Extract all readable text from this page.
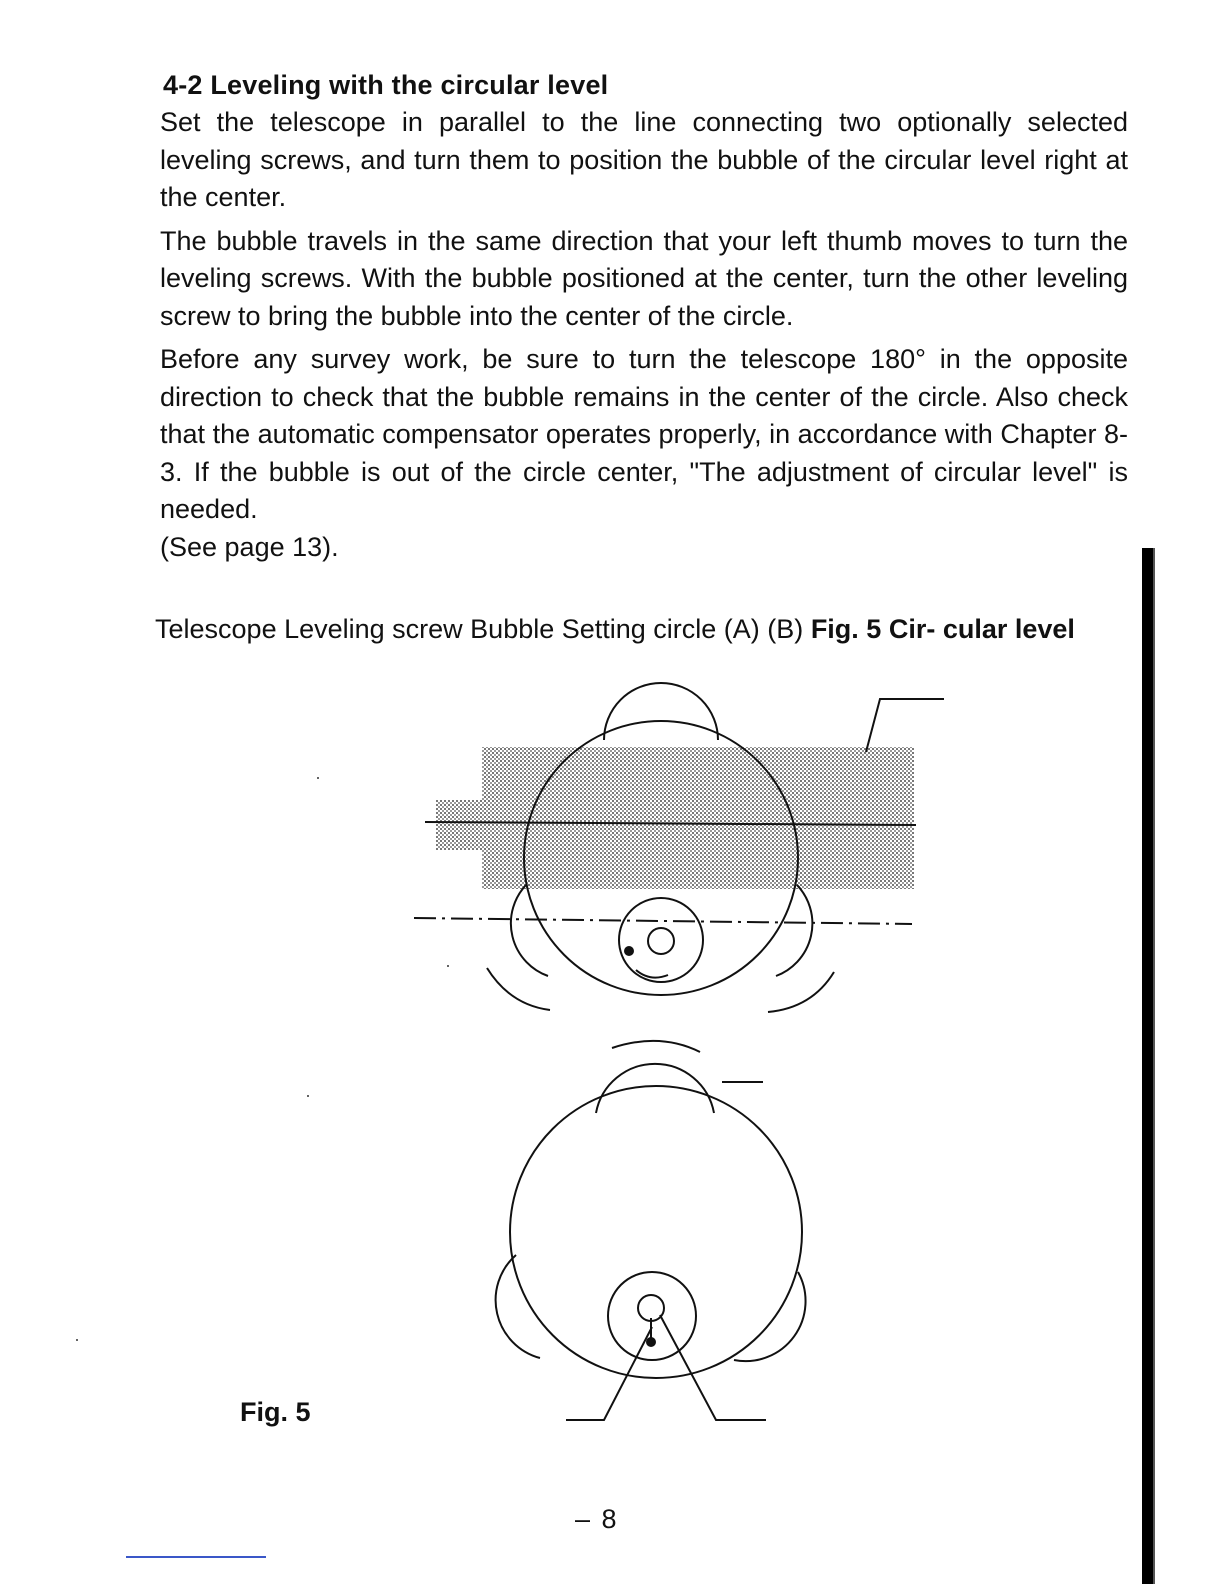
4-2 Leveling with the circular level

Set the telescope in parallel to the line connecting two optionally selected leveling screws, and turn them to position the bubble of the circular level right at the center.

The bubble travels in the same direction that your left thumb moves to turn the leveling screws. With the bubble positioned at the center, turn the other leveling screw to bring the bubble into the center of the circle.

Before any survey work, be sure to turn the telescope 180° in the opposite direction to check that the bubble remains in the center of the circle. Also check that the automatic compensator operates properly, in accordance with Chapter 8-3. If the bubble is out of the circle center, "The adjustment of circular level" is needed.

(See page 13).

Telescope Leveling screw Bubble Setting circle (A) (B) Fig. 5 Cir- cular level
Fig. 5
– 8
